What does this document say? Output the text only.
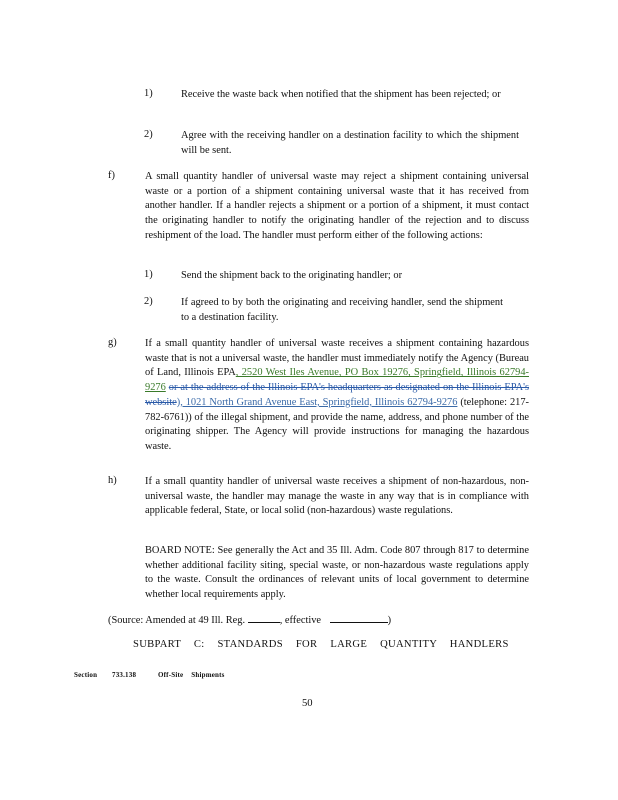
1)	Receive the waste back when notified that the shipment has been rejected; or
2)	Agree with the receiving handler on a destination facility to which the shipment will be sent.
f)	A small quantity handler of universal waste may reject a shipment containing universal waste or a portion of a shipment containing universal waste that it has received from another handler. If a handler rejects a shipment or a portion of a shipment, it must contact the originating handler to notify the originating handler of the rejection and to discuss reshipment of the load. The handler must perform either of the following actions:
1)	Send the shipment back to the originating handler; or
2)	If agreed to by both the originating and receiving handler, send the shipment to a destination facility.
g)	If a small quantity handler of universal waste receives a shipment containing hazardous waste that is not a universal waste, the handler must immediately notify the Agency (Bureau of Land, Illinois EPA, 2520 West Iles Avenue, PO Box 19276, Springfield, Illinois 62794-9276 or at the address of the Illinois EPA's headquarters as designated on the Illinois EPA's website), 1021 North Grand Avenue East, Springfield, Illinois 62794-9276 (telephone: 217-782-6761)) of the illegal shipment, and provide the name, address, and phone number of the originating shipper. The Agency will provide instructions for managing the hazardous waste.
h)	If a small quantity handler of universal waste receives a shipment of non-hazardous, non-universal waste, the handler may manage the waste in any way that is in compliance with applicable federal, State, or local solid (non-hazardous) waste regulations.
BOARD NOTE: See generally the Act and 35 Ill. Adm. Code 807 through 817 to determine whether additional facility siting, special waste, or non-hazardous waste regulations apply to the waste. Consult the ordinances of relevant units of local government to determine whether local requirements apply.
(Source: Amended at 49 Ill. Reg.	, effective	)
SUBPART C: STANDARDS FOR LARGE QUANTITY HANDLERS
Section 733.138	Off-Site Shipments
50
